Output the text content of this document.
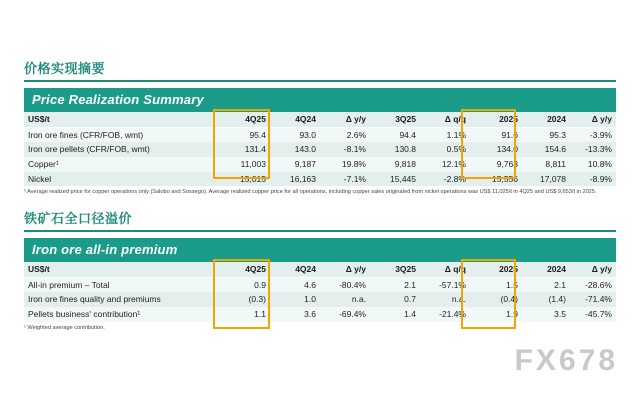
价格实现摘要
Price Realization Summary
US$/t	4Q25	4Q24	Δ y/y	3Q25	Δ q/q	2025	2024	Δ y/y
Iron ore fines (CFR/FOB, wmt)	95.4	93.0	2.6%	94.4	1.1%	91.6	95.3	-3.9%
Iron ore pellets (CFR/FOB, wmt)	131.4	143.0	-8.1%	130.8	0.5%	134.0	154.6	-13.3%
Copper¹	11,003	9,187	19.8%	9,818	12.1%	9,763	8,811	10.8%
Nickel	15,015	16,163	-7.1%	15,445	-2.8%	15,556	17,078	-8.9%
¹ Average realized price for copper operations only (Salobo and Sossego). Average realized copper price for all operations, including copper sales originated from nickel operations was US$ 11,025/t in 4Q25 and US$ 9,653/t in 2025.
铁矿石全口径溢价
Iron ore all-in premium
US$/t	4Q25	4Q24	Δ y/y	3Q25	Δ q/q	2025	2024	Δ y/y
All-in premium – Total	0.9	4.6	-80.4%	2.1	-57.1%	1.5	2.1	-28.6%
Iron ore fines quality and premiums	(0.3)	1.0	n.a.	0.7	n.a.	(0.4)	(1.4)	-71.4%
Pellets business' contribution¹	1.1	3.6	-69.4%	1.4	-21.4%	1.9	3.5	-45.7%
¹ Weighted average contribution.
FX678
